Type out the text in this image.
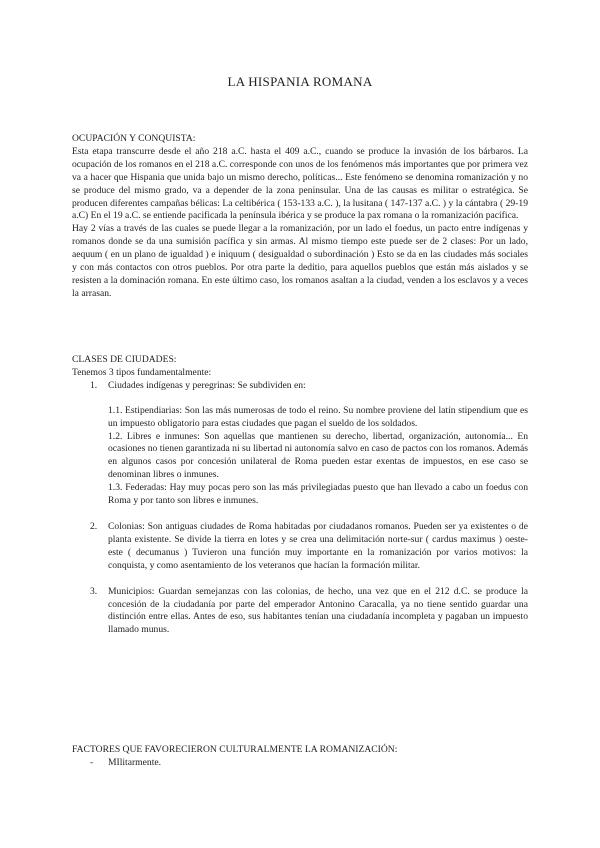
LA HISPANIA ROMANA
OCUPACIÓN Y CONQUISTA:

Esta etapa transcurre desde el año 218 a.C. hasta el 409 a.C., cuando se produce la invasión de los bárbaros. La ocupación de los romanos en el 218 a.C. corresponde con unos de los fenómenos más importantes que por primera vez va a hacer que Hispania que unida bajo un mismo derecho, políticas... Este fenómeno se denomina romanización y no se produce del mismo grado, va a depender de la zona peninsular. Una de las causas es militar o estratégica. Se producen diferentes campañas bélicas: La celtibérica ( 153-133 a.C. ), la lusitana ( 147-137 a.C. ) y la cántabra ( 29-19 a.C) En el 19 a.C. se entiende pacificada la península ibérica y se produce la pax romana o la romanización pacífica.

Hay 2 vías a través de las cuales se puede llegar a la romanización, por un lado el foedus, un pacto entre indígenas y romanos donde se da una sumisión pacífica y sin armas. Al mismo tiempo este puede ser de 2 clases: Por un lado, aequum ( en un plano de igualdad ) e iniquum ( desigualdad o subordinación ) Esto se da en las ciudades más sociales y con más contactos con otros pueblos. Por otra parte la deditio, para aquellos pueblos que están más aislados y se resisten a la dominación romana. En este último caso, los romanos asaltan a la ciudad, venden a los esclavos y a veces la arrasan.

CLASES DE CIUDADES:
Tenemos 3 tipos fundamentalmente:
1. Ciudades indígenas y peregrinas: Se subdividen en:

1.1. Estipendiarias: Son las más numerosas de todo el reino. Su nombre proviene del latín stipendium que es un impuesto obligatorio para estas ciudades que pagan el sueldo de los soldados.

1.2. Libres e inmunes: Son aquellas que mantienen su derecho, libertad, organización, autonomía... En ocasiones no tienen garantizada ni su libertad ni autonomía salvo en caso de pactos con los romanos. Además en algunos casos por concesión unilateral de Roma pueden estar exentas de impuestos, en ese caso se denominan libres o inmunes.

1.3. Federadas: Hay muy pocas pero son las más privilegiadas puesto que han llevado a cabo un foedus con Roma y por tanto son libres e inmunes.

2. Colonias: Son antiguas ciudades de Roma habitadas por ciudadanos romanos. Pueden ser ya existentes o de planta existente. Se divide la tierra en lotes y se crea una delimitación norte-sur ( cardus maximus ) oeste-este ( decumanus ) Tuvieron una función muy importante en la romanización por varios motivos: la conquista, y como asentamiento de los veteranos que hacían la formación militar.

3. Municipios: Guardan semejanzas con las colonias, de hecho, una vez que en el 212 d.C. se produce la concesión de la ciudadanía por parte del emperador Antonino Caracalla, ya no tiene sentido guardar una distinción entre ellas. Antes de eso, sus habitantes tenían una ciudadanía incompleta y pagaban un impuesto llamado munus.

FACTORES QUE FAVORECIERON CULTURALMENTE LA ROMANIZACIÓN:
- MIlitarmente.
